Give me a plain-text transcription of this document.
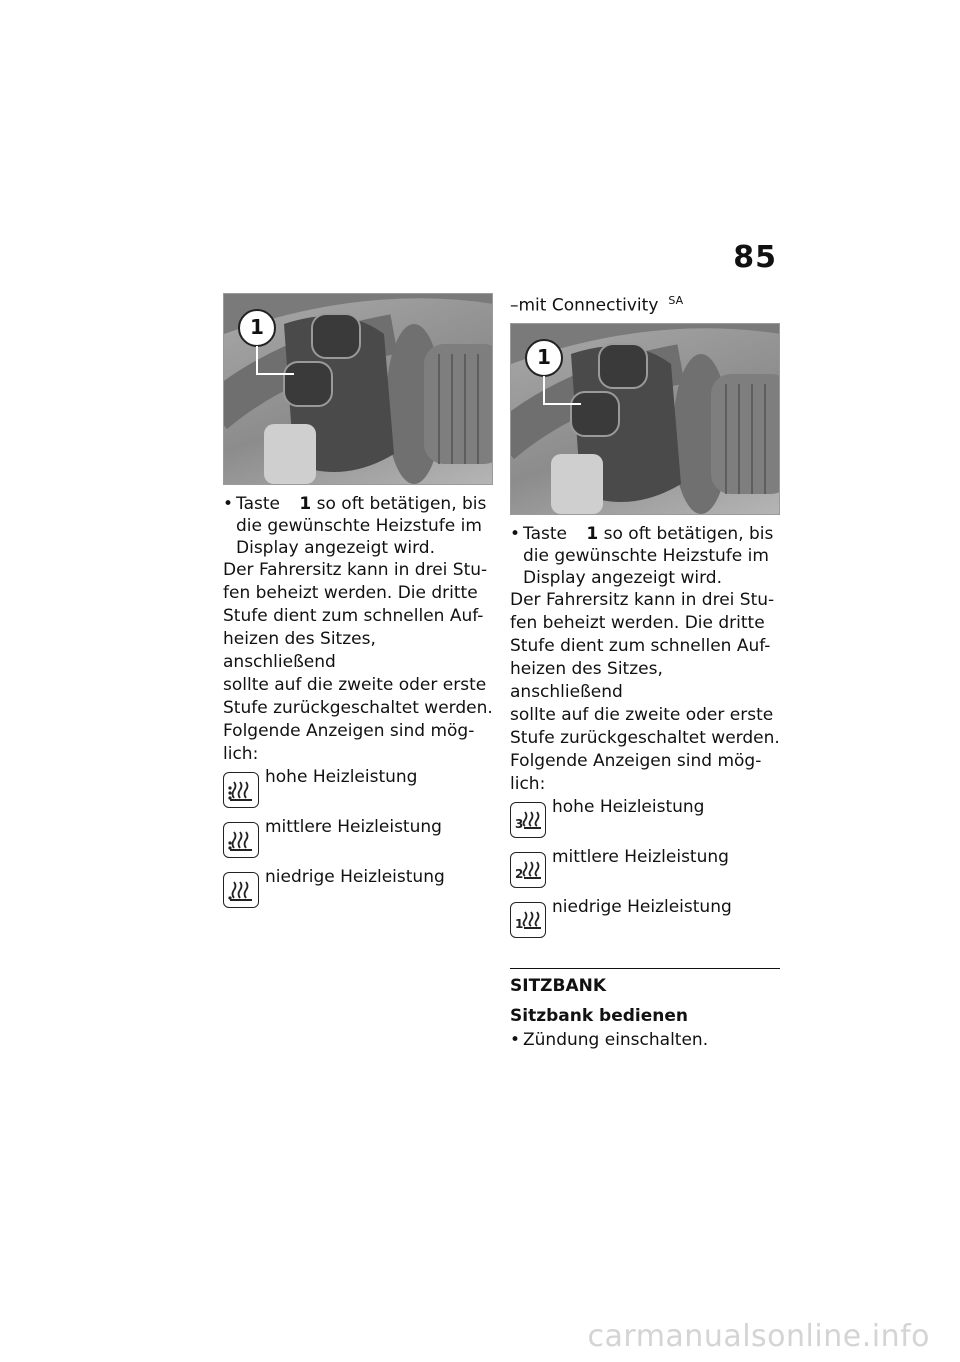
85
1
• Taste 1 so oft betätigen, bis die gewünschte Heizstufe im Display angezeigt wird.

Der Fahrersitz kann in drei Stu-

fen beheizt werden. Die dritte

Stufe dient zum schnellen Auf-

heizen des Sitzes, anschließend

sollte auf die zweite oder erste

Stufe zurückgeschaltet werden.

Folgende Anzeigen sind mög-

lich:

hohe Heizleistung
mittlere Heizleistung
niedrige Heizleistung
–mit Connectivity $^{SA}$
1
• Taste 1 so oft betätigen, bis die gewünschte Heizstufe im Display angezeigt wird.

Der Fahrersitz kann in drei Stu-

fen beheizt werden. Die dritte

Stufe dient zum schnellen Auf-

heizen des Sitzes, anschließend

sollte auf die zweite oder erste

Stufe zurückgeschaltet werden.

Folgende Anzeigen sind mög-

lich:

3
hohe Heizleistung
2
mittlere Heizleistung
1
niedrige Heizleistung
SITZBANK
Sitzbank bedienen
• Zündung einschalten.
carmanualsonline.info
